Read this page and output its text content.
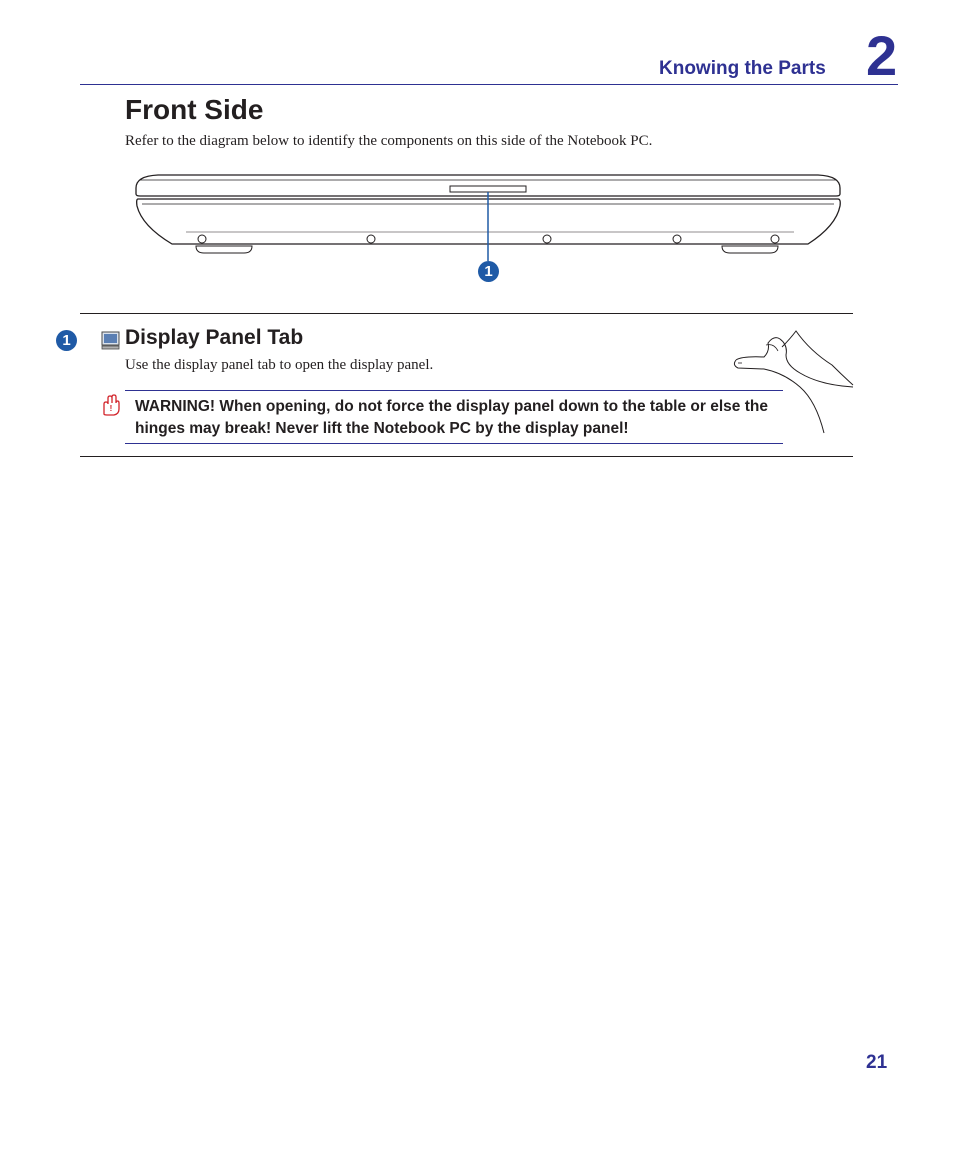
Knowing the Parts 2
Front Side
Refer to the diagram below to identify the components on this side of the Notebook PC.
1
1	Display Panel Tab
Use the display panel tab to open the display panel.
! WARNING! When opening, do not force the display panel down to the table or else the hinges may break! Never lift the Notebook PC by the display panel!
21
